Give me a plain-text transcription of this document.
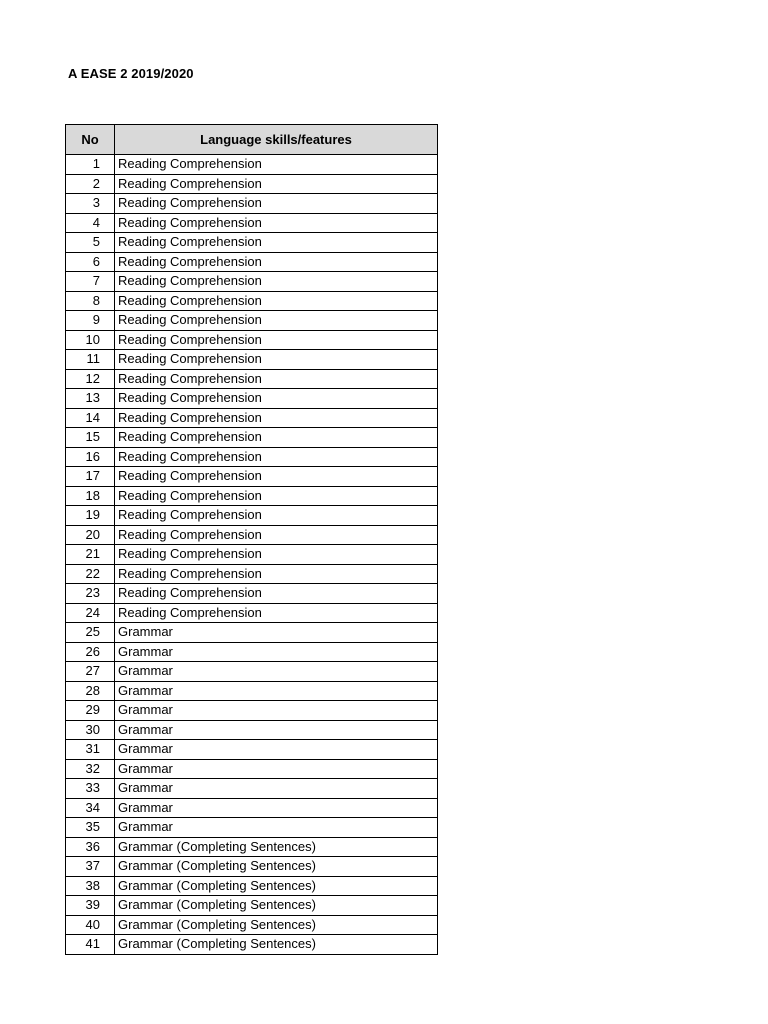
A EASE 2 2019/2020
No	Language skills/features
1	Reading Comprehension
2	Reading Comprehension
3	Reading Comprehension
4	Reading Comprehension
5	Reading Comprehension
6	Reading Comprehension
7	Reading Comprehension
8	Reading Comprehension
9	Reading Comprehension
10	Reading Comprehension
11	Reading Comprehension
12	Reading Comprehension
13	Reading Comprehension
14	Reading Comprehension
15	Reading Comprehension
16	Reading Comprehension
17	Reading Comprehension
18	Reading Comprehension
19	Reading Comprehension
20	Reading Comprehension
21	Reading Comprehension
22	Reading Comprehension
23	Reading Comprehension
24	Reading Comprehension
25	Grammar
26	Grammar
27	Grammar
28	Grammar
29	Grammar
30	Grammar
31	Grammar
32	Grammar
33	Grammar
34	Grammar
35	Grammar
36	Grammar (Completing Sentences)
37	Grammar (Completing Sentences)
38	Grammar (Completing Sentences)
39	Grammar (Completing Sentences)
40	Grammar (Completing Sentences)
41	Grammar (Completing Sentences)
